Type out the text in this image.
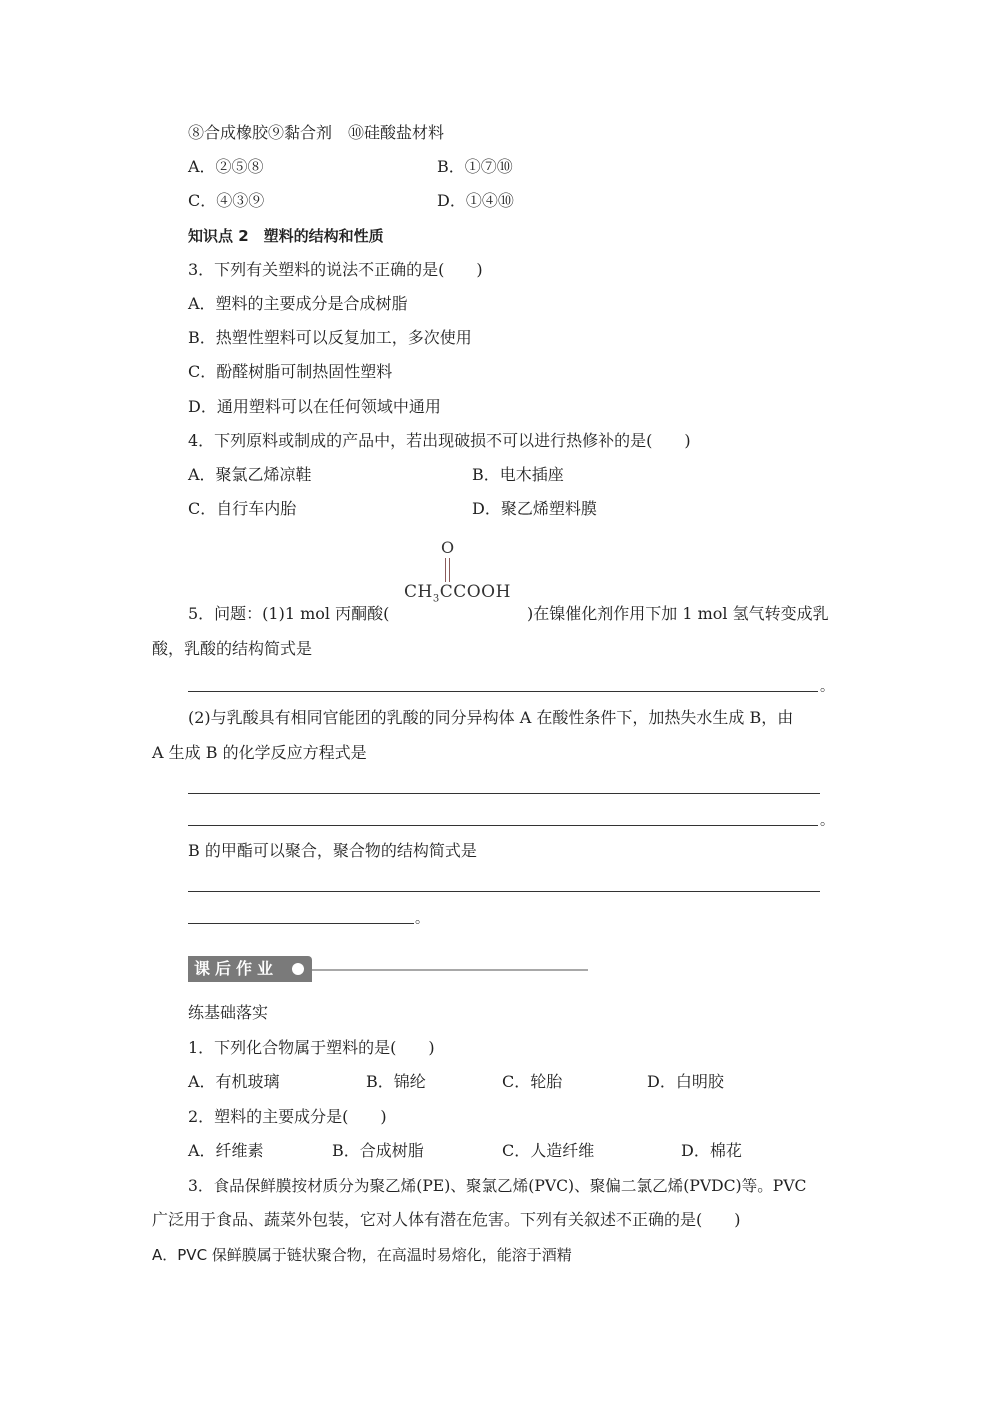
⑧合成橡胶⑨黏合剂　⑩硅酸盐材料
A．②⑤⑧	B．①⑦⑩
C．④③⑨	D．①④⑩
知识点 2　塑料的结构和性质
3．下列有关塑料的说法不正确的是(　　)
A．塑料的主要成分是合成树脂
B．热塑性塑料可以反复加工，多次使用
C．酚醛树脂可制热固性塑料
D．通用塑料可以在任何领域中通用
4．下列原料或制成的产品中，若出现破损不可以进行热修补的是(　　)
A．聚氯乙烯凉鞋	B．电木插座
C．自行车内胎	D．聚乙烯塑料膜
O
$CH_3CCOOH$
5．问题：(1)1 mol 丙酮酸(	)在镍催化剂作用下加 1 mol 氢气转变成乳
酸，乳酸的结构简式是
。
(2)与乳酸具有相同官能团的乳酸的同分异构体 A 在酸性条件下，加热失水生成 B，由
A 生成 B 的化学反应方程式是
。
B 的甲酯可以聚合，聚合物的结构简式是
。
课后作业
练基础落实
1．下列化合物属于塑料的是(　　)
A．有机玻璃	B．锦纶	C．轮胎	D．白明胶
2．塑料的主要成分是(　　)
A．纤维素	B．合成树脂	C．人造纤维	D．棉花
3．食品保鲜膜按材质分为聚乙烯(PE)、聚氯乙烯(PVC)、聚偏二氯乙烯(PVDC)等。PVC
广泛用于食品、蔬菜外包装，它对人体有潜在危害。下列有关叙述不正确的是(　　)
A．PVC 保鲜膜属于链状聚合物，在高温时易熔化，能溶于酒精
